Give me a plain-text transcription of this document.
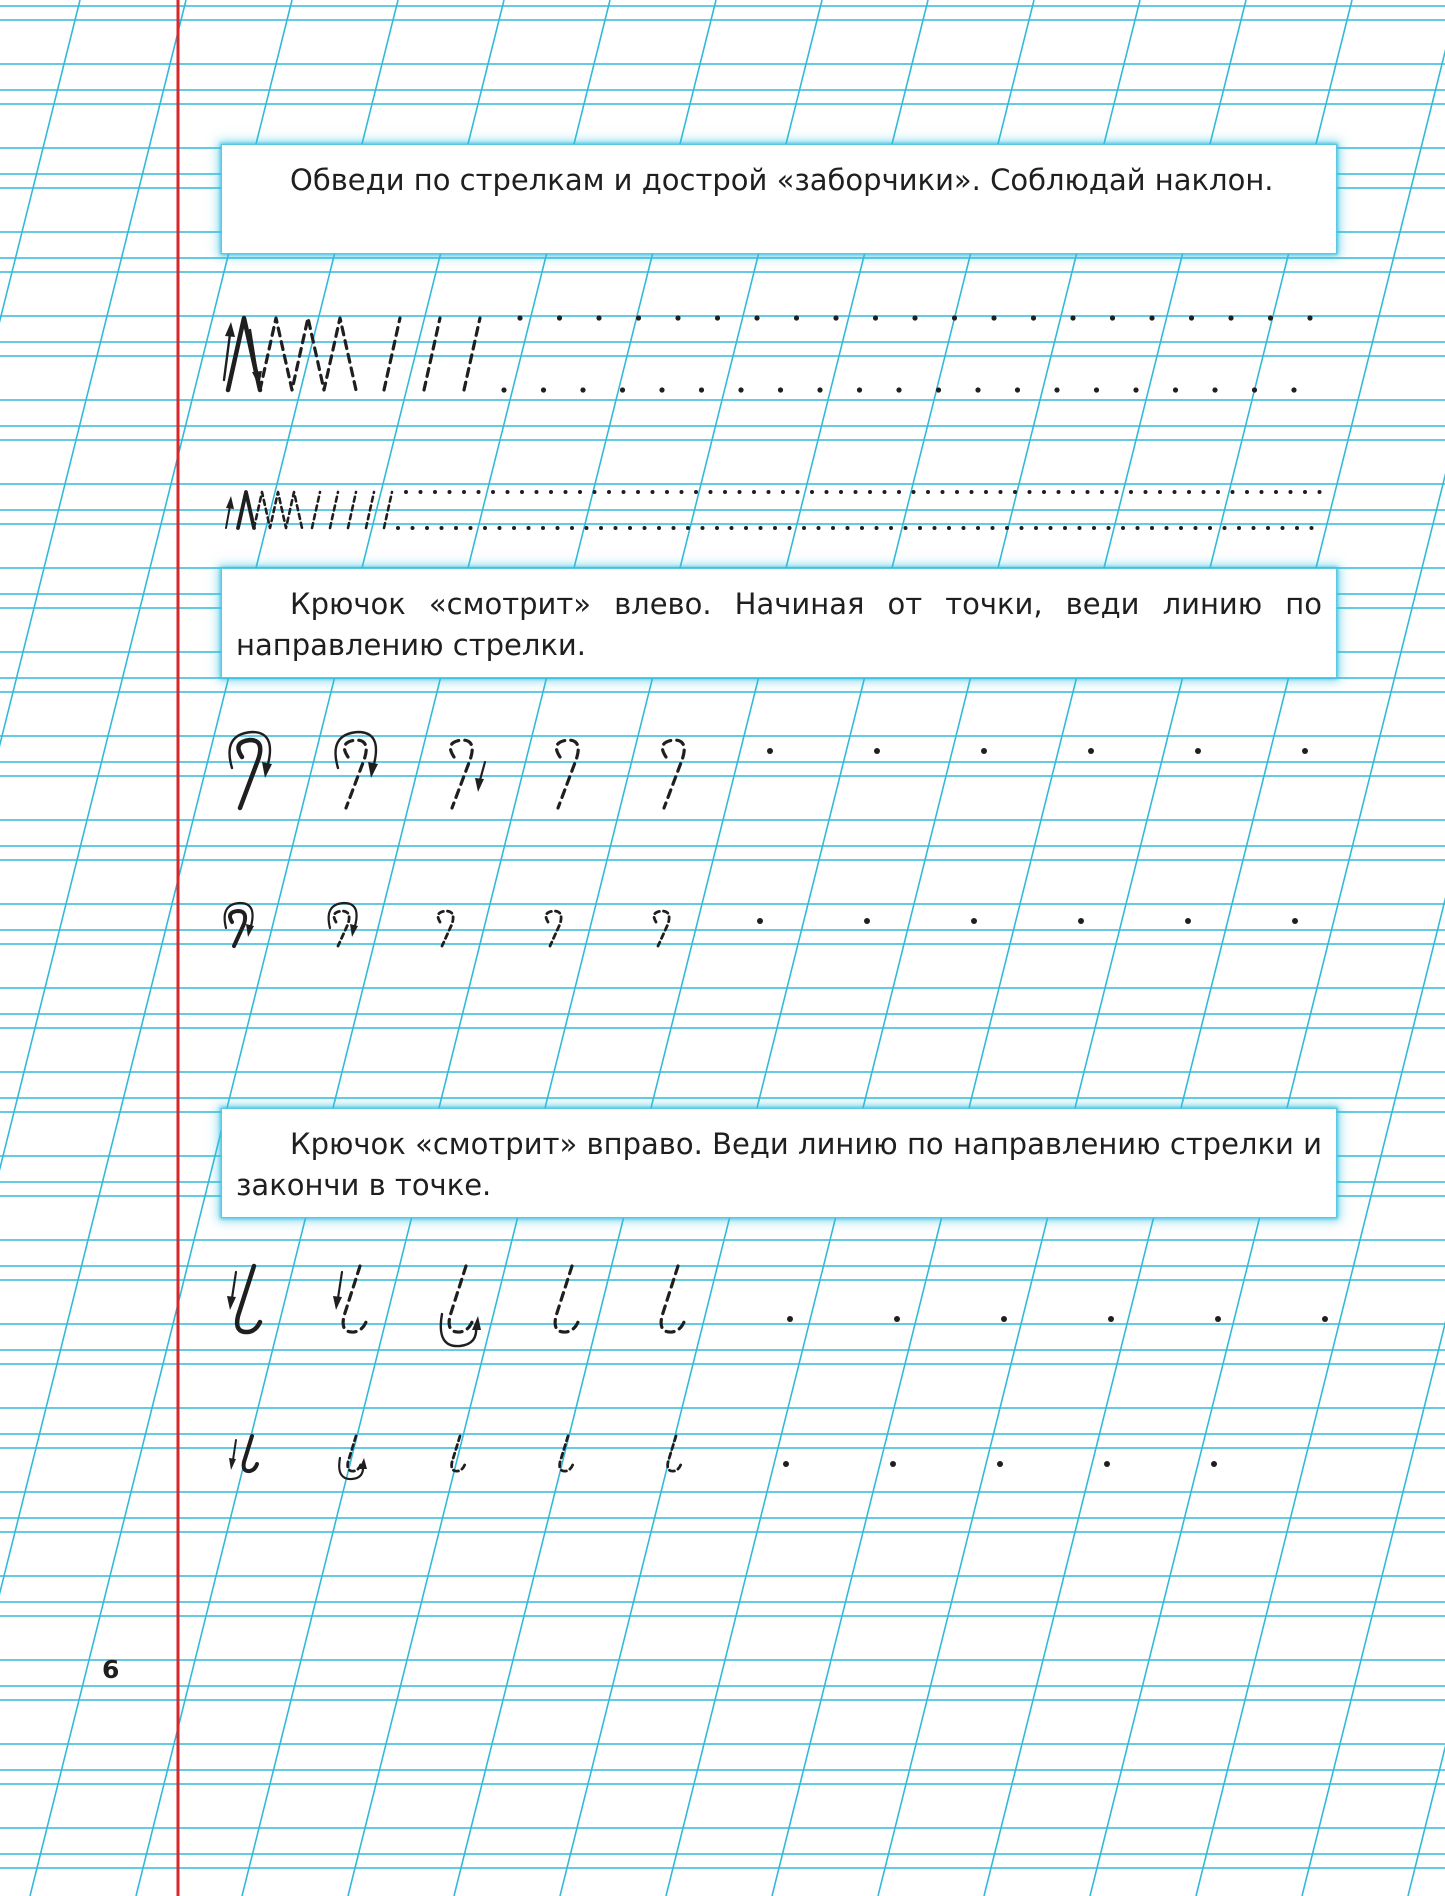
Обведи по стрелкам и дострой «заборчики». Соблюдай наклон.
Крючок «смотрит» влево. Начиная от точки, веди линию по направлению стрелки.
Крючок «смотрит» вправо. Веди линию по направлению стрелки и закончи в точке.
6
